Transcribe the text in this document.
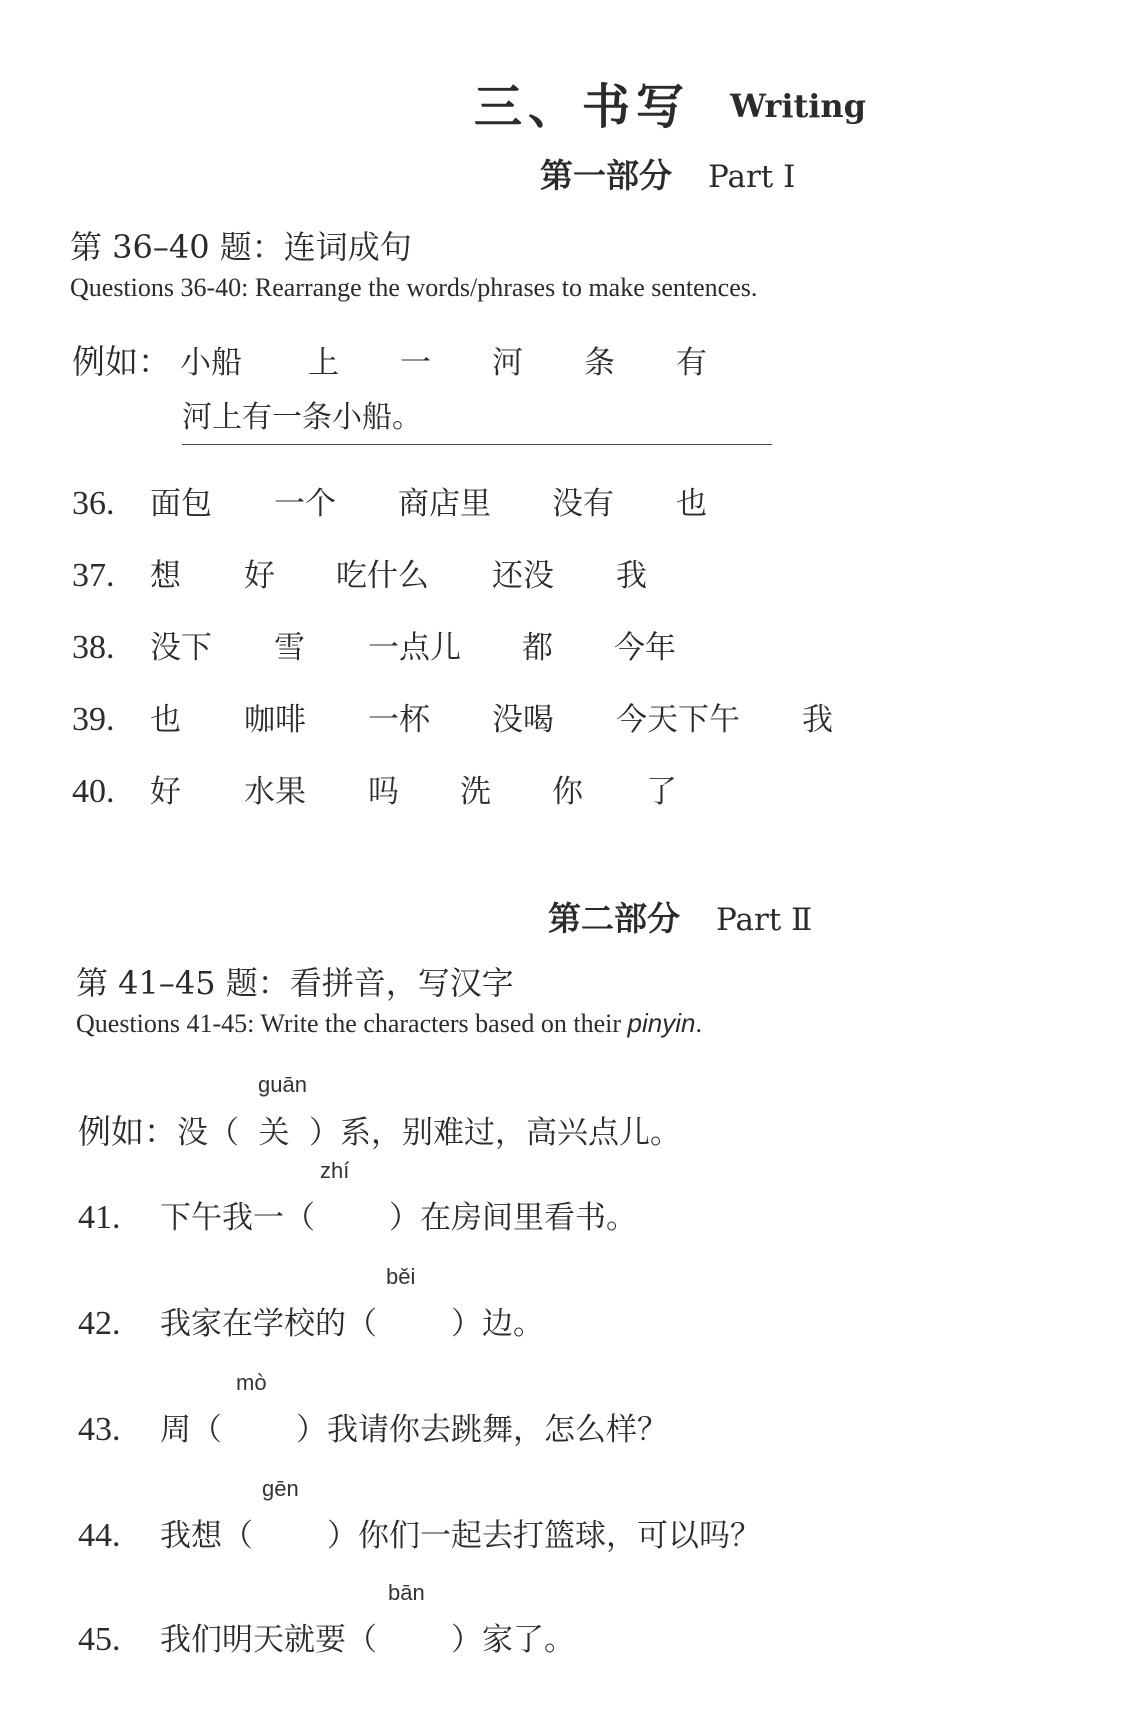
三、书写 Writing
第一部分 Part Ⅰ
第 36–40 题：连词成句
Questions 36-40: Rearrange the words/phrases to make sentences.
例如： 小船	上	一	河	条	有
河上有一条小船。
36.	面包	一个	商店里	没有	也
37.	想	好	吃什么	还没	我
38.	没下	雪	一点儿	都	今年
39.	也	咖啡	一杯	没喝	今天下午	我
40.	好	水果	吗	洗	你	了
第二部分 Part Ⅱ
第 41–45 题：看拼音，写汉字
Questions 41-45: Write the characters based on their pinyin.
guān
例如：没（ 关 ）系，别难过，高兴点儿。
zhí
41. 下午我一（ ）在房间里看书。
běi
42. 我家在学校的（ ）边。
mò
43. 周（ ）我请你去跳舞，怎么样？
gēn
44. 我想（ ）你们一起去打篮球，可以吗？
bān
45. 我们明天就要（ ）家了。
